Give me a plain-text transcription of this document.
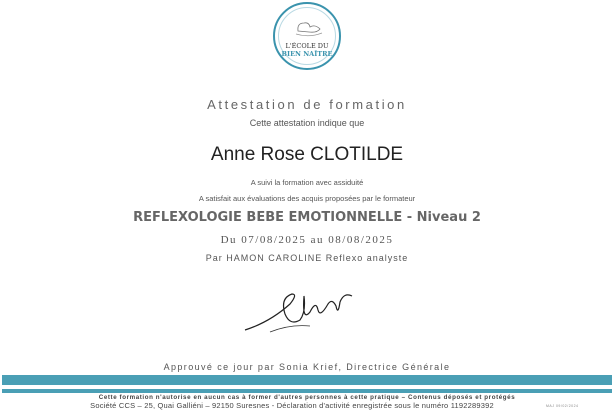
L'ÉCOLE DU
BIEN NAÎTRE
Attestation de formation
Cette attestation indique que
Anne Rose CLOTILDE
A suivi la formation avec assiduité
A satisfait aux évaluations des acquis proposées par le formateur
REFLEXOLOGIE BEBE EMOTIONNELLE - Niveau 2
Du 07/08/2025 au 08/08/2025
Par HAMON CAROLINE Reflexo analyste
Approuvé ce jour par Sonia Krief, Directrice Générale
Cette formation n'autorise en aucun cas à former d'autres personnes à cette pratique – Contenus déposés et protégés
Société CCS – 25, Quai Galliéni – 92150 Suresnes - Déclaration d'activité enregistrée sous le numéro 1192289392	MAJ 09/02/2024
